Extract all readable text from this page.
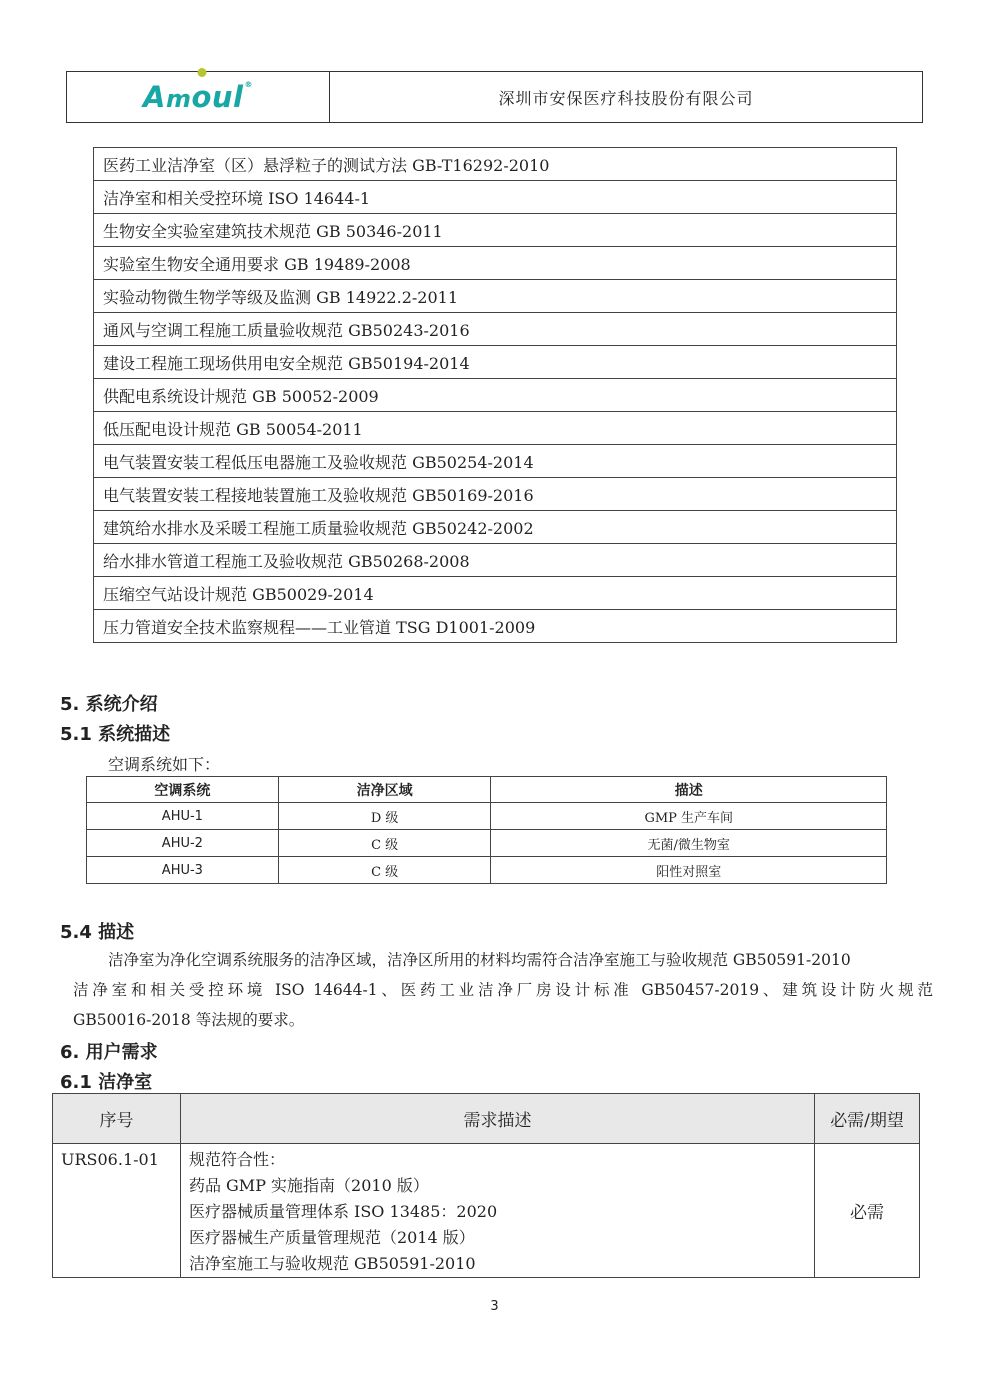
Am
oul®
深圳市安保医疗科技股份有限公司
医药工业洁净室（区）悬浮粒子的测试方法 GB-T16292-2010
洁净室和相关受控环境 ISO 14644-1
生物安全实验室建筑技术规范 GB 50346-2011
实验室生物安全通用要求 GB 19489-2008
实验动物微生物学等级及监测 GB 14922.2-2011
通风与空调工程施工质量验收规范 GB50243-2016
建设工程施工现场供用电安全规范 GB50194-2014
供配电系统设计规范 GB 50052-2009
低压配电设计规范 GB 50054-2011
电气装置安装工程低压电器施工及验收规范 GB50254-2014
电气装置安装工程接地装置施工及验收规范 GB50169-2016
建筑给水排水及采暖工程施工质量验收规范 GB50242-2002
给水排水管道工程施工及验收规范 GB50268-2008
压缩空气站设计规范 GB50029-2014
压力管道安全技术监察规程——工业管道 TSG D1001-2009
5. 系统介绍
5.1 系统描述
空调系统如下：
空调系统	洁净区域	描述
AHU-1	D 级	GMP 生产车间
AHU-2	C 级	无菌/微生物室
AHU-3	C 级	阳性对照室
5.4 描述
洁净室为净化空调系统服务的洁净区域，洁净区所用的材料均需符合洁净室施工与验收规范 GB50591-2010
洁净室和相关受控环境 ISO 14644-1、医药工业洁净厂房设计标准 GB50457-2019、建筑设计防火规范
GB50016-2018 等法规的要求。
6. 用户需求
6.1 洁净室
序号	需求描述	必需/期望
URS06.1-01	规范符合性：
药品 GMP 实施指南（2010 版）
医疗器械质量管理体系 ISO 13485：2020
医疗器械生产质量管理规范（2014 版）
洁净室施工与验收规范 GB50591-2010	必需
3
